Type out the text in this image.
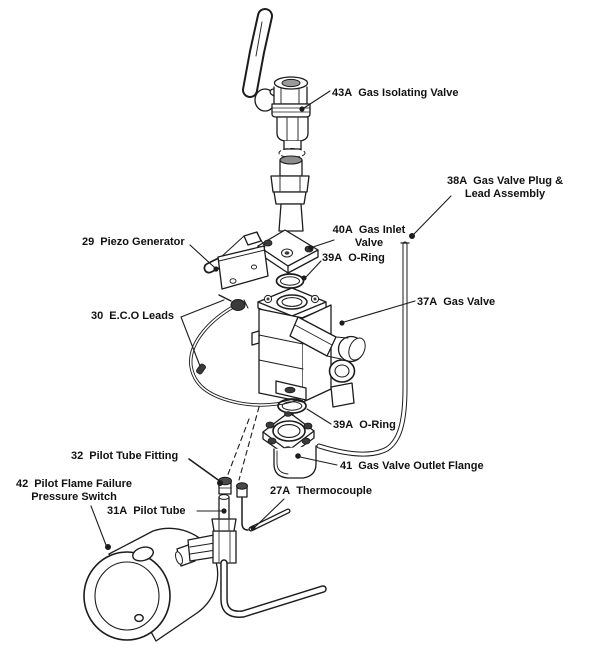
43A Gas Isolating Valve
38A Gas Valve Plug &
Lead Assembly
40A Gas Inlet
Valve
39A O-Ring
29 Piezo Generator
37A Gas Valve
30 E.C.O Leads
39A O-Ring
41 Gas Valve Outlet Flange
32 Pilot Tube Fitting
42 Pilot Flame Failure
Pressure Switch
31A Pilot Tube
27A Thermocouple
